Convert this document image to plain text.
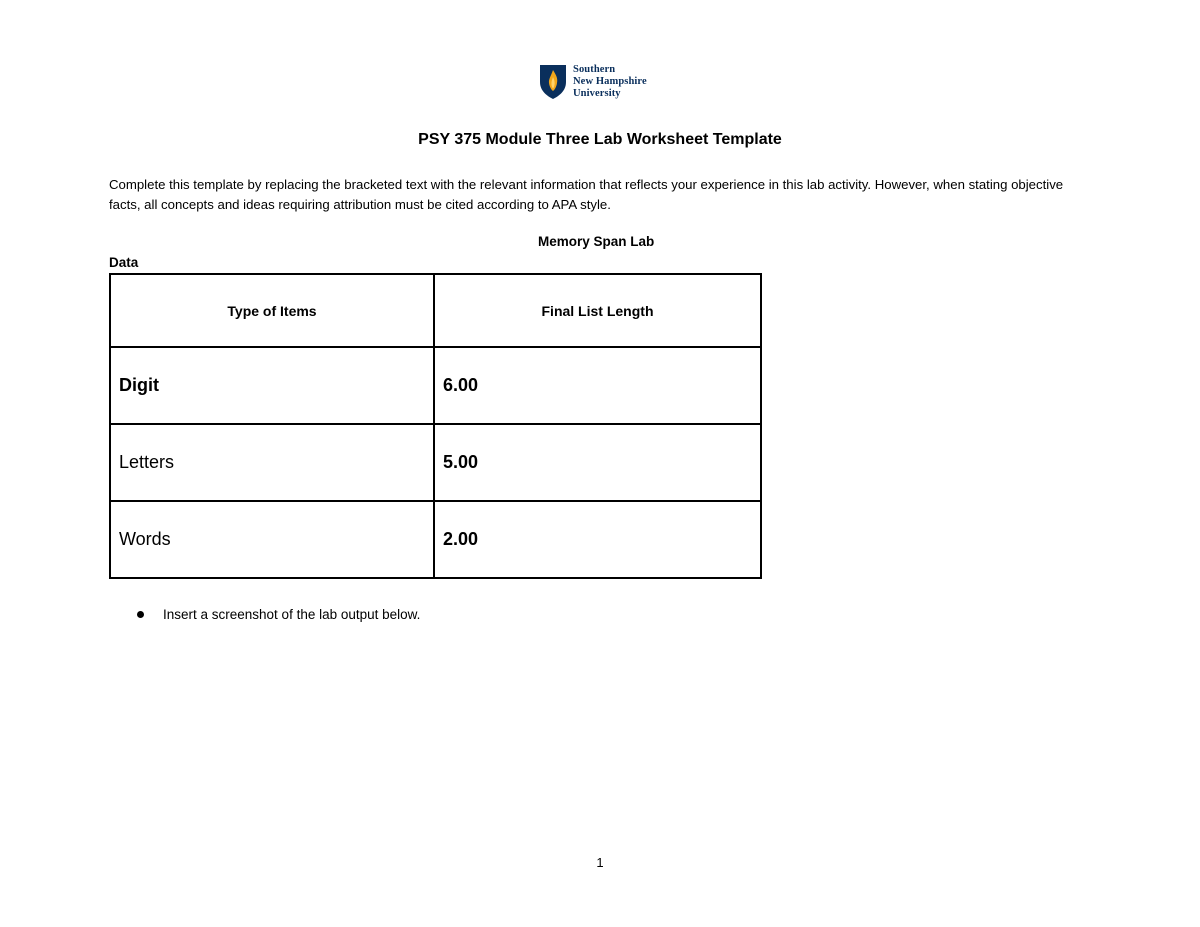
Southern
New Hampshire
University
PSY 375 Module Three Lab Worksheet Template
Complete this template by replacing the bracketed text with the relevant information that reflects your experience in this lab activity. However, when stating objective facts, all concepts and ideas requiring attribution must be cited according to APA style.
Memory Span Lab
Data
Type of Items	Final List Length
Digit	6.00
Letters	5.00
Words	2.00
Insert a screenshot of the lab output below.
1
